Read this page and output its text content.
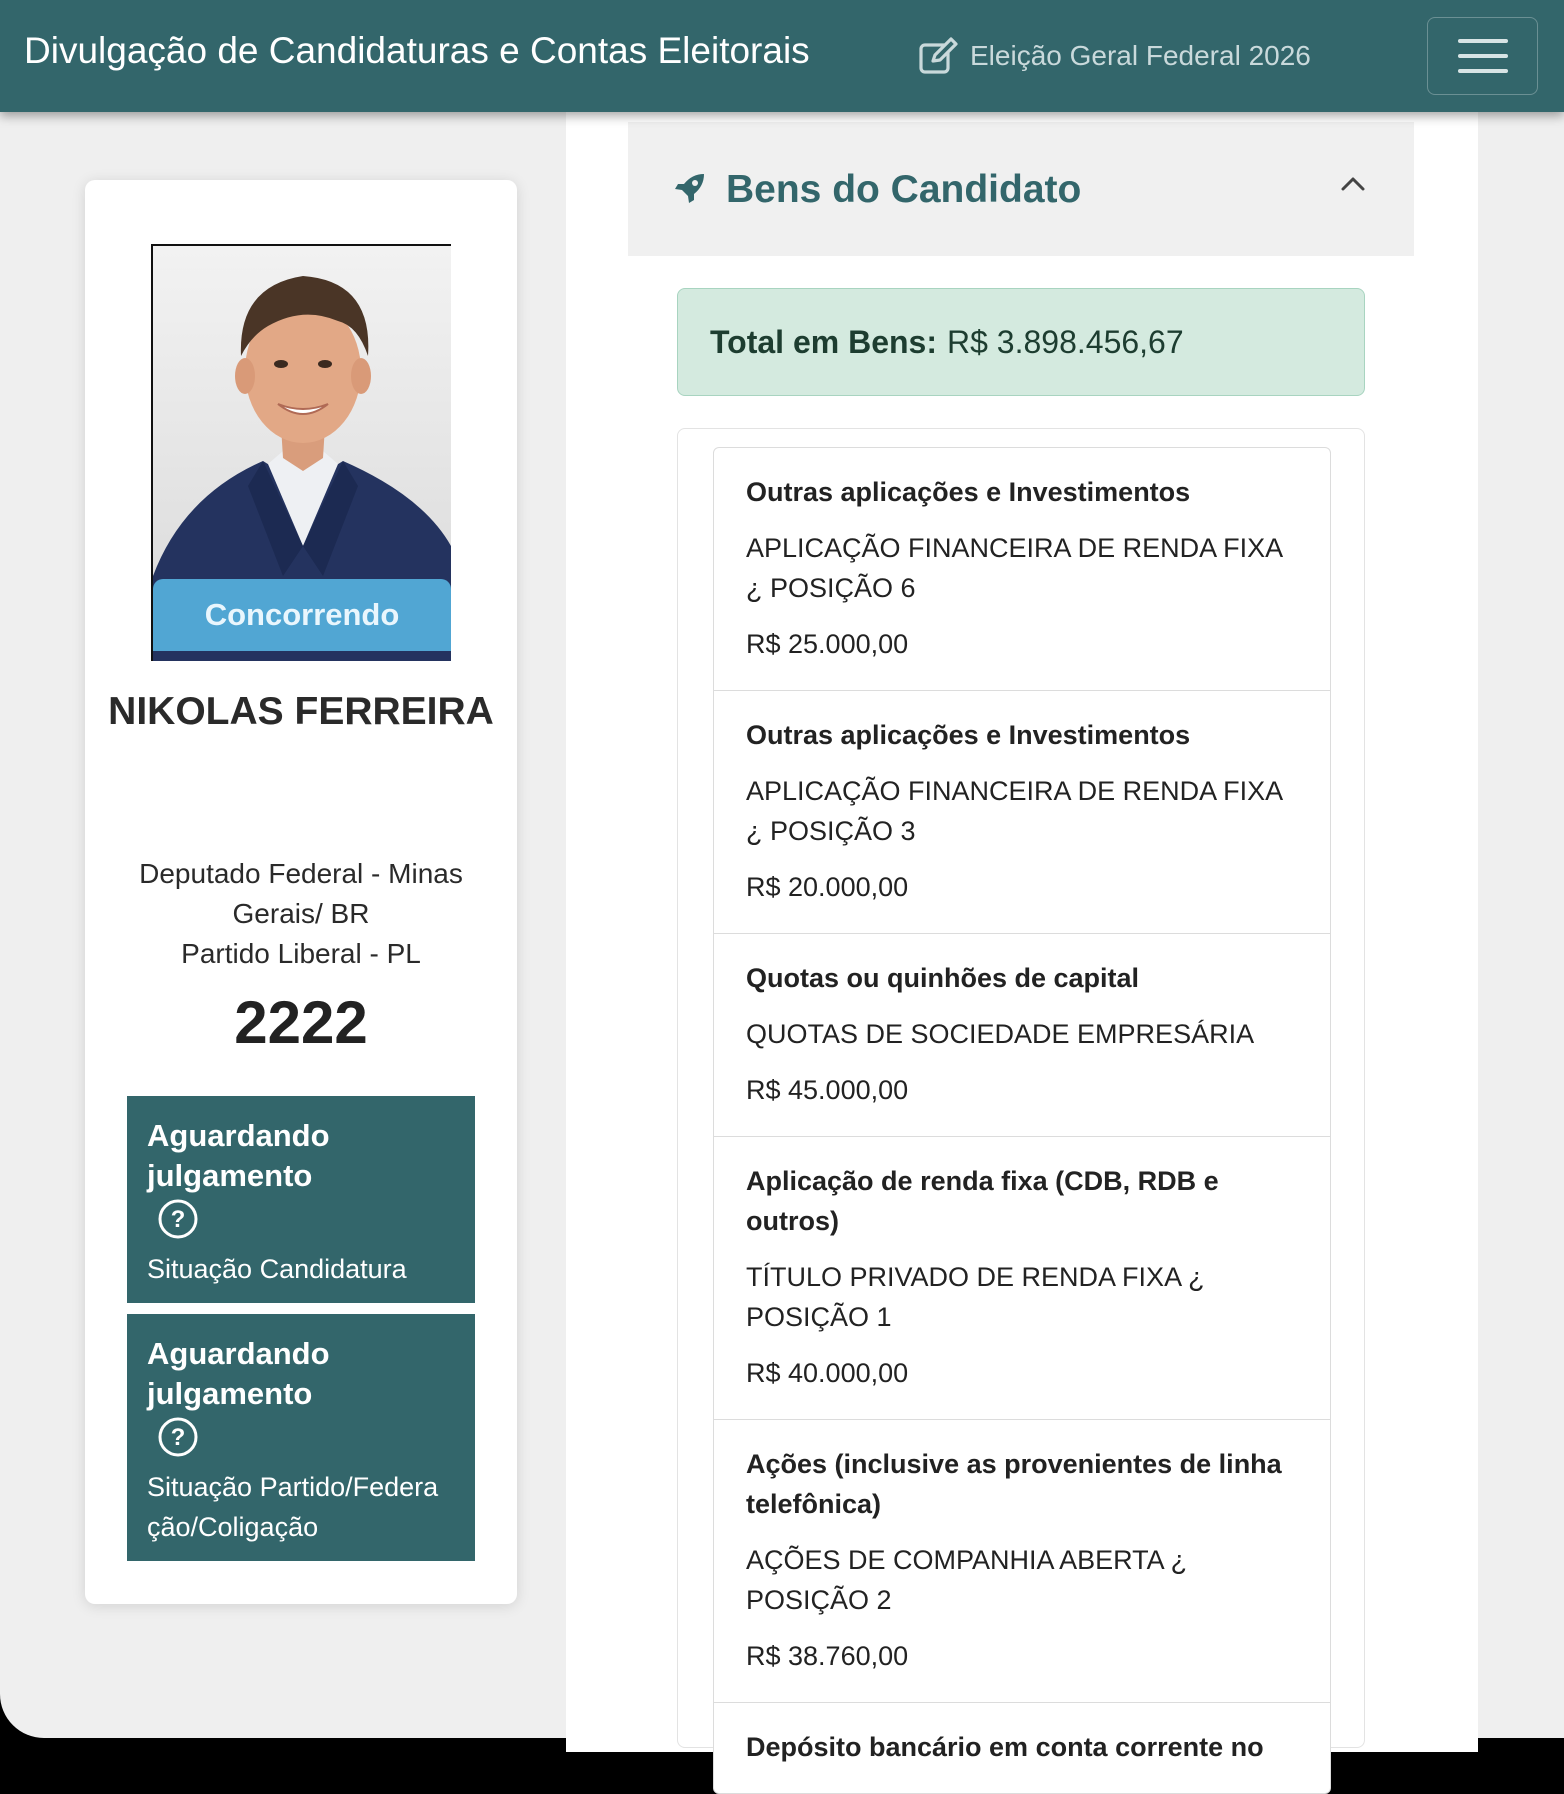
Divulgação de Candidaturas e Contas Eleitorais	Eleição Geral Federal 2026
Concorrendo
NIKOLAS FERREIRA
Deputado Federal - Minas Gerais/ BR
Partido Liberal - PL
2222
Aguardando julgamento
?
Situação Candidatura
Aguardando julgamento
?
Situação Partido/Federação/Coligação
Bens do Candidato
Total em Bens: R$ 3.898.456,67
Outras aplicações e Investimentos
APLICAÇÃO FINANCEIRA DE RENDA FIXA ¿ POSIÇÃO 6
R$ 25.000,00
Outras aplicações e Investimentos
APLICAÇÃO FINANCEIRA DE RENDA FIXA ¿ POSIÇÃO 3
R$ 20.000,00
Quotas ou quinhões de capital
QUOTAS DE SOCIEDADE EMPRESÁRIA
R$ 45.000,00
Aplicação de renda fixa (CDB, RDB e outros)
TÍTULO PRIVADO DE RENDA FIXA ¿ POSIÇÃO 1
R$ 40.000,00
Ações (inclusive as provenientes de linha telefônica)
AÇÕES DE COMPANHIA ABERTA ¿ POSIÇÃO 2
R$ 38.760,00
Depósito bancário em conta corrente no
